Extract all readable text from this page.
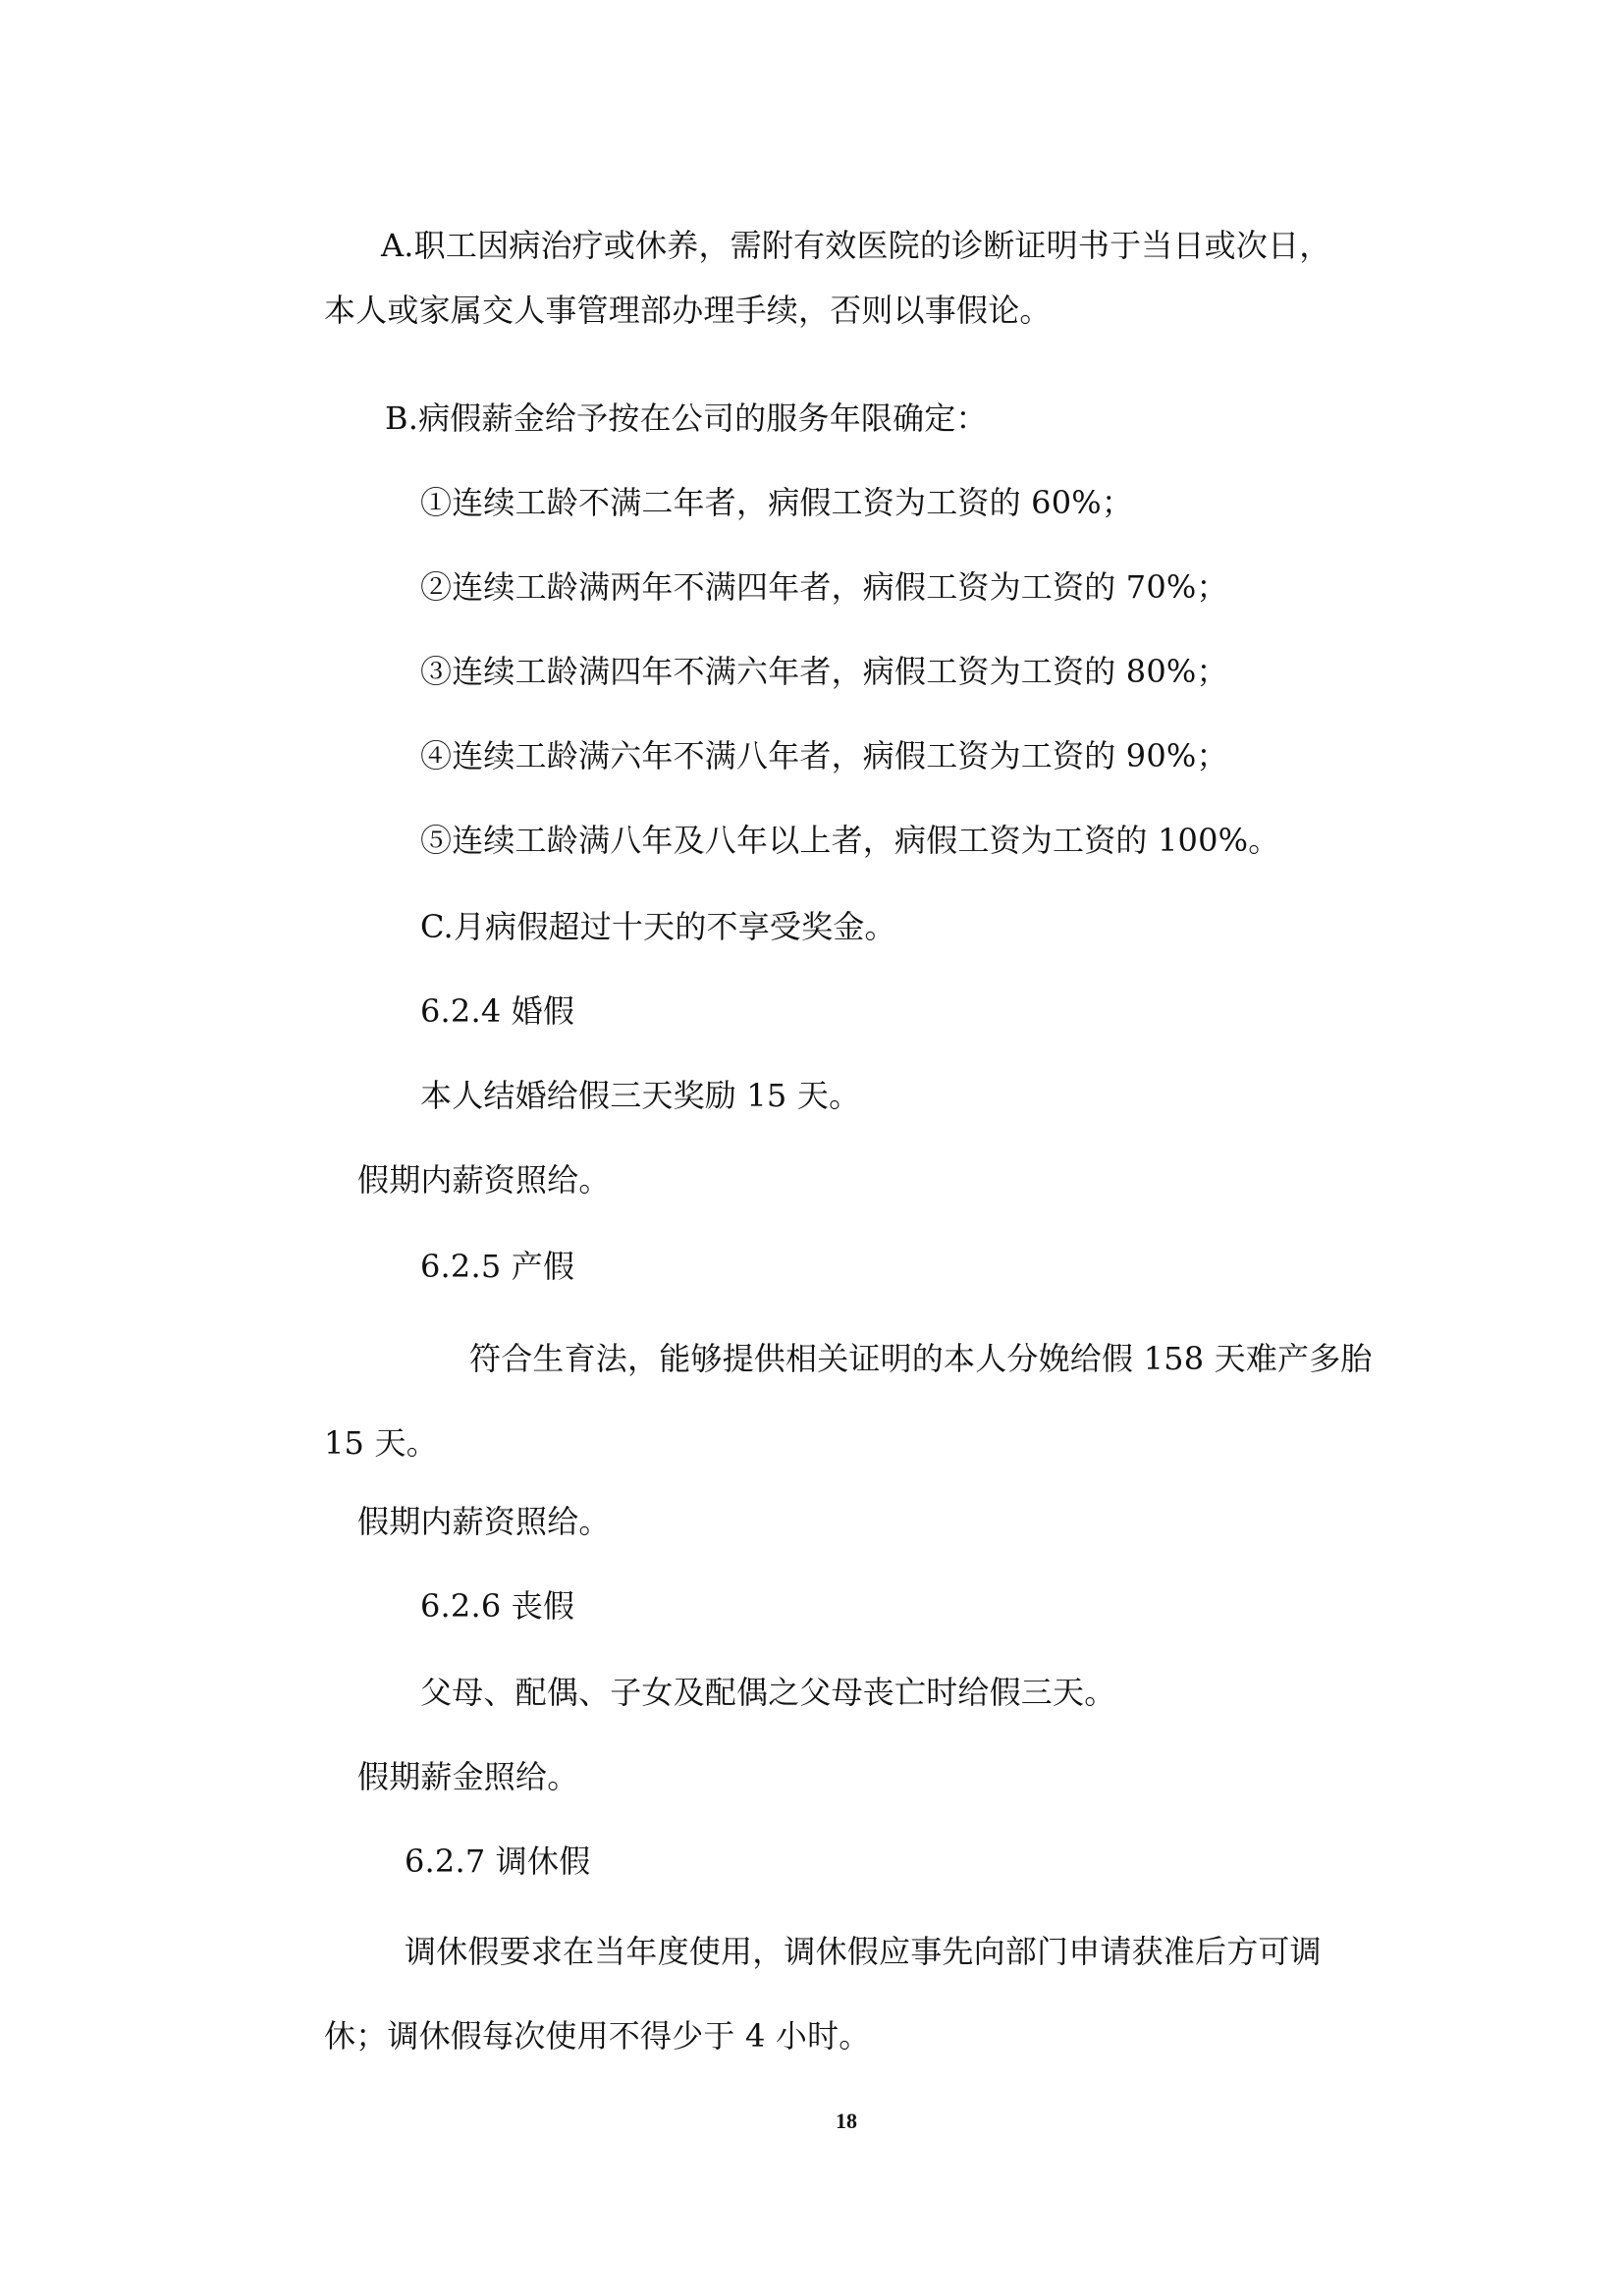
A.职工因病治疗或休养，需附有效医院的诊断证明书于当日或次日，
本人或家属交人事管理部办理手续，否则以事假论。
B.病假薪金给予按在公司的服务年限确定：
①连续工龄不满二年者，病假工资为工资的 60%；
②连续工龄满两年不满四年者，病假工资为工资的 70%；
③连续工龄满四年不满六年者，病假工资为工资的 80%；
④连续工龄满六年不满八年者，病假工资为工资的 90%；
⑤连续工龄满八年及八年以上者，病假工资为工资的 100%。
C.月病假超过十天的不享受奖金。
6.2.4 婚假
本人结婚给假三天奖励 15 天。
假期内薪资照给。
6.2.5 产假
符合生育法，能够提供相关证明的本人分娩给假 158 天难产多胎
15 天。
假期内薪资照给。
6.2.6 丧假
父母、配偶、子女及配偶之父母丧亡时给假三天。
假期薪金照给。
6.2.7 调休假
调休假要求在当年度使用，调休假应事先向部门申请获准后方可调
休；调休假每次使用不得少于 4 小时。
18
